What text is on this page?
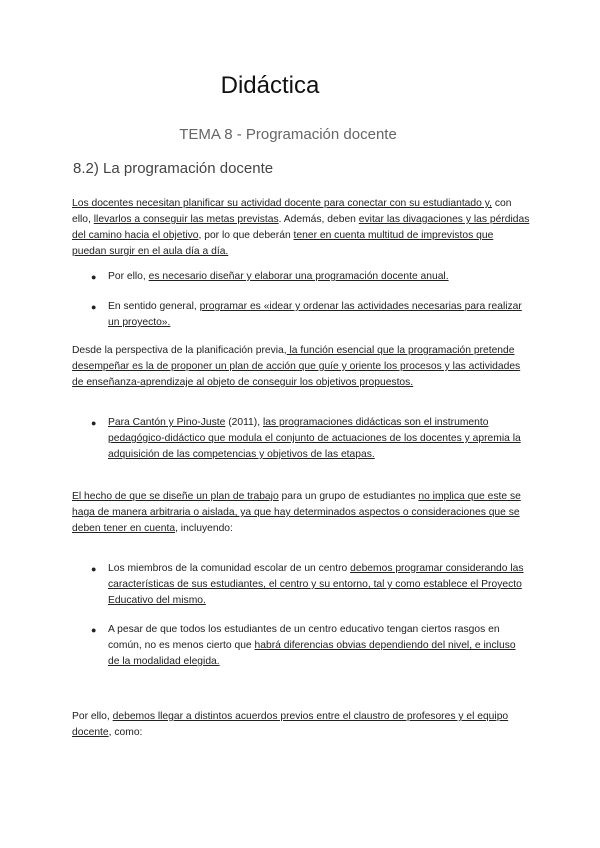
Didáctica
TEMA 8 - Programación docente
8.2) La programación docente
Los docentes necesitan planificar su actividad docente para conectar con su estudiantado y, con ello, llevarlos a conseguir las metas previstas. Además, deben evitar las divagaciones y las pérdidas del camino hacia el objetivo, por lo que deberán tener en cuenta multitud de imprevistos que puedan surgir en el aula día a día.
● Por ello, es necesario diseñar y elaborar una programación docente anual.
● En sentido general, programar es «idear y ordenar las actividades necesarias para realizar un proyecto».
Desde la perspectiva de la planificación previa, la función esencial que la programación pretende desempeñar es la de proponer un plan de acción que guíe y oriente los procesos y las actividades de enseñanza-aprendizaje al objeto de conseguir los objetivos propuestos.
● Para Cantón y Pino-Juste (2011), las programaciones didácticas son el instrumento pedagógico-didáctico que modula el conjunto de actuaciones de los docentes y apremia la adquisición de las competencias y objetivos de las etapas.
El hecho de que se diseñe un plan de trabajo para un grupo de estudiantes no implica que este se haga de manera arbitraria o aislada, ya que hay determinados aspectos o consideraciones que se deben tener en cuenta, incluyendo:
● Los miembros de la comunidad escolar de un centro debemos programar considerando las características de sus estudiantes, el centro y su entorno, tal y como establece el Proyecto Educativo del mismo.
● A pesar de que todos los estudiantes de un centro educativo tengan ciertos rasgos en común, no es menos cierto que habrá diferencias obvias dependiendo del nivel, e incluso de la modalidad elegida.
Por ello, debemos llegar a distintos acuerdos previos entre el claustro de profesores y el equipo docente, como:
